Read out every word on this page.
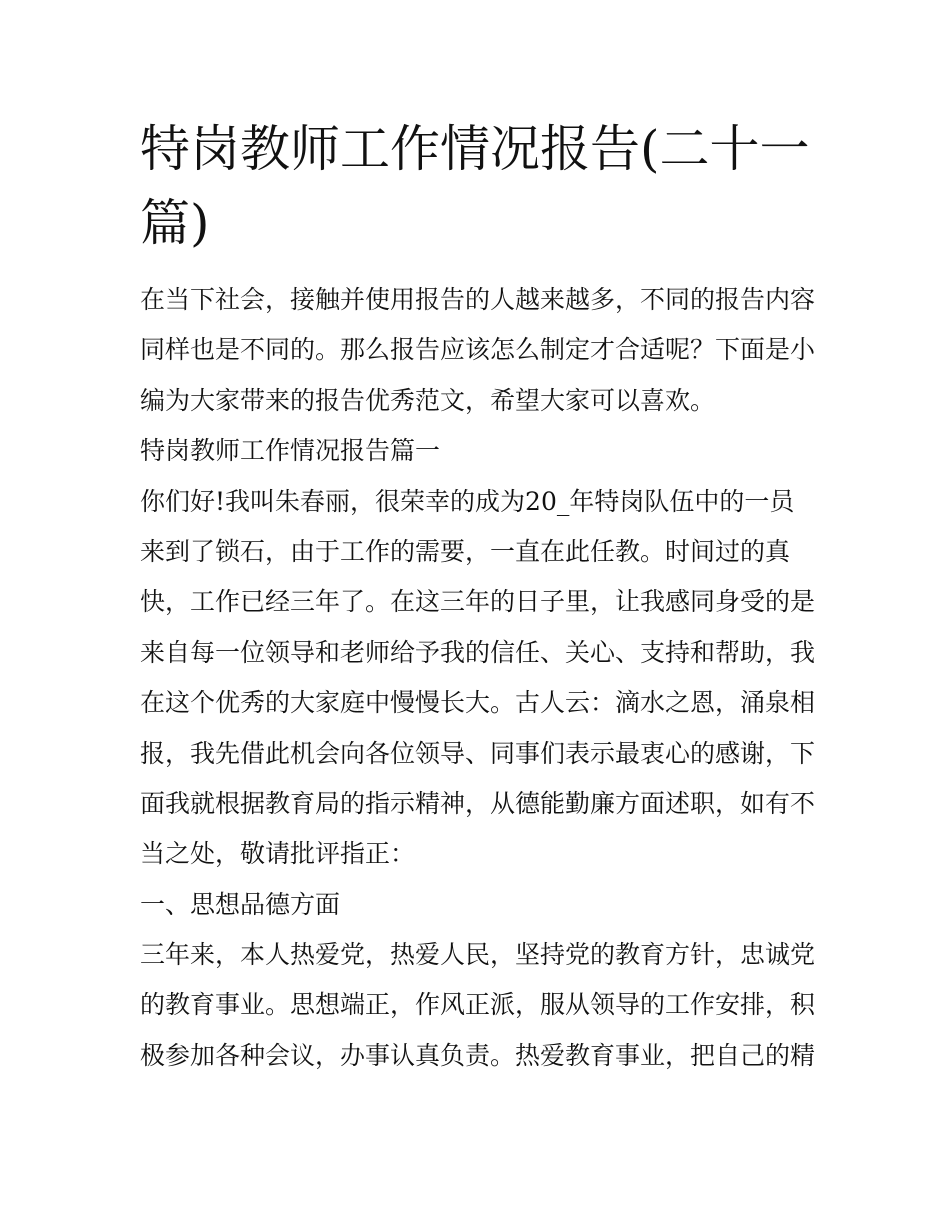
特岗教师工作情况报告(二十一
篇)
在当下社会，接触并使用报告的人越来越多，不同的报告内容
同样也是不同的。那么报告应该怎么制定才合适呢？下面是小
编为大家带来的报告优秀范文，希望大家可以喜欢。
特岗教师工作情况报告篇一
你们好!我叫朱春丽，很荣幸的成为20_年特岗队伍中的一员
来到了锁石，由于工作的需要，一直在此任教。时间过的真
快，工作已经三年了。在这三年的日子里，让我感同身受的是
来自每一位领导和老师给予我的信任、关心、支持和帮助，我
在这个优秀的大家庭中慢慢长大。古人云：滴水之恩，涌泉相
报，我先借此机会向各位领导、同事们表示最衷心的感谢，下
面我就根据教育局的指示精神，从德能勤廉方面述职，如有不
当之处，敬请批评指正：
一、思想品德方面
三年来，本人热爱党，热爱人民，坚持党的教育方针，忠诚党
的教育事业。思想端正，作风正派，服从领导的工作安排，积
极参加各种会议，办事认真负责。热爱教育事业，把自己的精
